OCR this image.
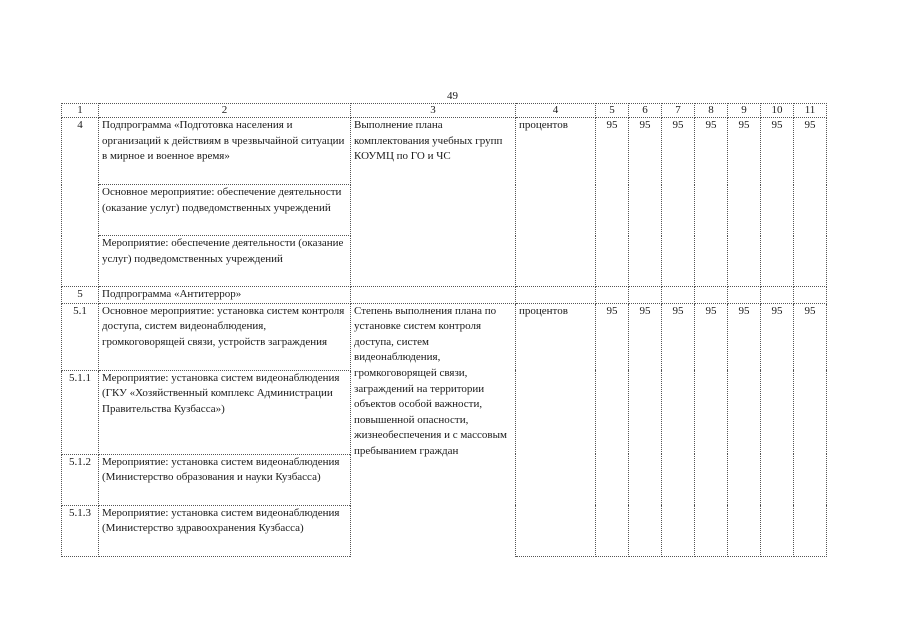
49
1	2	3	4	5	6	7	8	9	10	11
4	Подпрограмма «Подготовка населения и организаций к действиям в чрезвычайной ситуации в мирное и военное время»	Выполнение плана комплектования учебных групп КОУМЦ по ГО и ЧС	процентов	95	95	95	95	95	95	95
	Основное мероприятие: обеспечение деятельности (оказание услуг) подведомственных учреждений									
	Мероприятие: обеспечение деятельности (оказание услуг) подведомственных учреждений									
5	Подпрограмма «Антитеррор»									
5.1	Основное мероприятие: установка систем контроля доступа, систем видеонаблюдения, громкоговорящей связи, устройств заграждения	Степень выполнения плана по установке систем контроля доступа, систем видеонаблюдения, громкоговорящей связи, заграждений на территории объектов особой важности, повышенной опасности, жизнеобеспечения и с массовым пребыванием граждан	процентов	95	95	95	95	95	95	95
5.1.1	Мероприятие: установка систем видеонаблюдения (ГКУ «Хозяйственный комплекс Администрации Правительства Кузбасса»)									
5.1.2	Мероприятие: установка систем видеонаблюдения (Министерство образования и науки Кузбасса)									
5.1.3	Мероприятие: установка систем видеонаблюдения (Министерство здравоохранения Кузбасса)									
